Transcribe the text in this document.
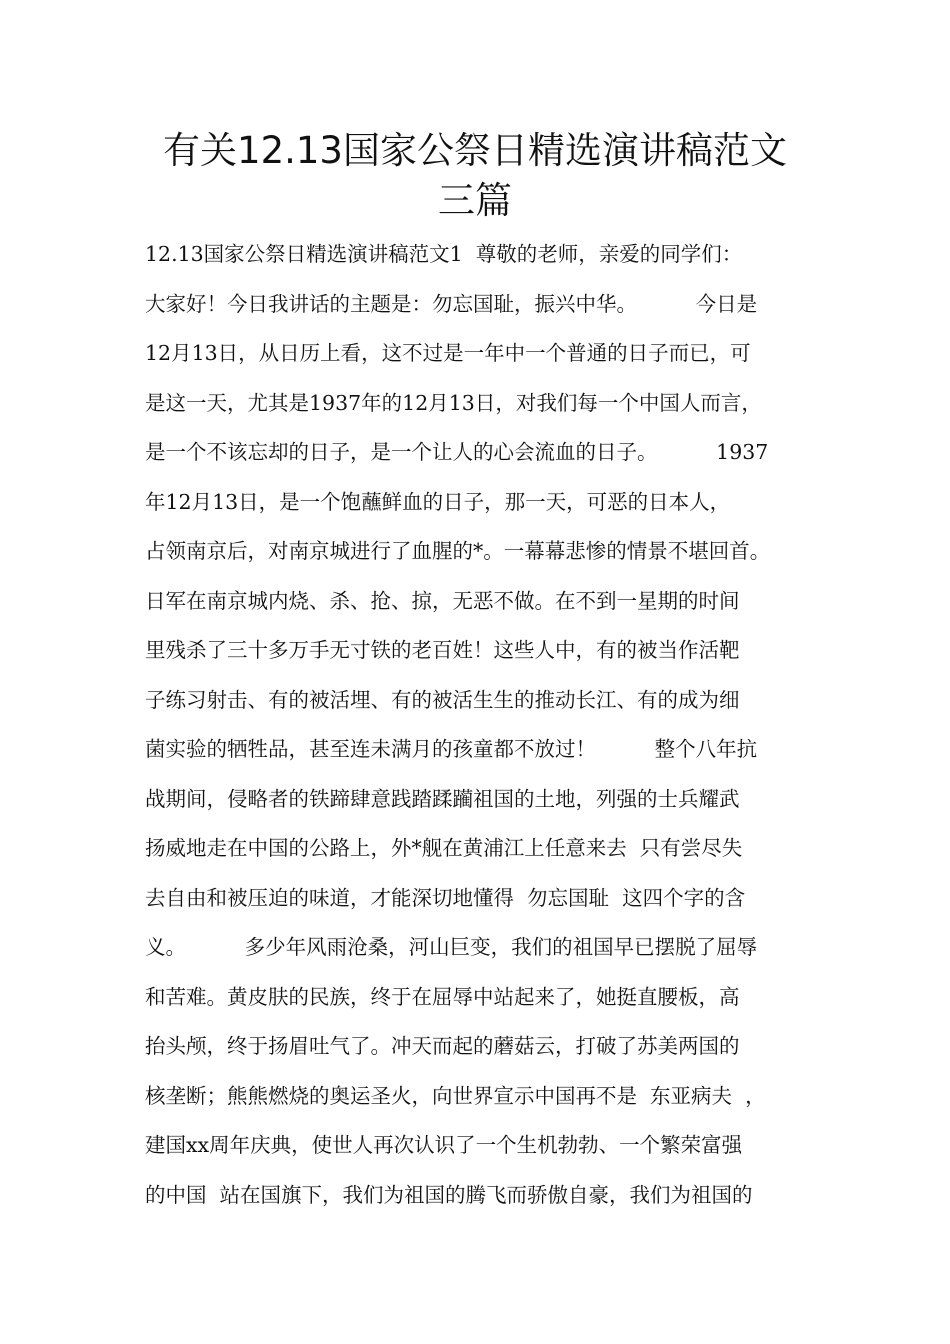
有关12.13国家公祭日精选演讲稿范文
三篇
12.13国家公祭日精选演讲稿范文1  尊敬的老师，亲爱的同学们：
大家好！今日我讲话的主题是：勿忘国耻，振兴中华。         今日是
12月13日，从日历上看，这不过是一年中一个普通的日子而已，可
是这一天，尤其是1937年的12月13日，对我们每一个中国人而言，
是一个不该忘却的日子，是一个让人的心会流血的日子。         1937
年12月13日，是一个饱蘸鲜血的日子，那一天，可恶的日本人，
占领南京后，对南京城进行了血腥的*。一幕幕悲惨的情景不堪回首。
日军在南京城内烧、杀、抢、掠，无恶不做。在不到一星期的时间
里残杀了三十多万手无寸铁的老百姓！这些人中，有的被当作活靶
子练习射击、有的被活埋、有的被活生生的推动长江、有的成为细
菌实验的牺牲品，甚至连未满月的孩童都不放过！         整个八年抗
战期间，侵略者的铁蹄肆意践踏蹂躏祖国的土地，列强的士兵耀武
扬威地走在中国的公路上，外*舰在黄浦江上任意来去  只有尝尽失
去自由和被压迫的味道，才能深切地懂得  勿忘国耻  这四个字的含
义。         多少年风雨沧桑，河山巨变，我们的祖国早已摆脱了屈辱
和苦难。黄皮肤的民族，终于在屈辱中站起来了，她挺直腰板，高
抬头颅，终于扬眉吐气了。冲天而起的蘑菇云，打破了苏美两国的
核垄断；熊熊燃烧的奥运圣火，向世界宣示中国再不是  东亚病夫  ，
建国xx周年庆典，使世人再次认识了一个生机勃勃、一个繁荣富强
的中国  站在国旗下，我们为祖国的腾飞而骄傲自豪，我们为祖国的
